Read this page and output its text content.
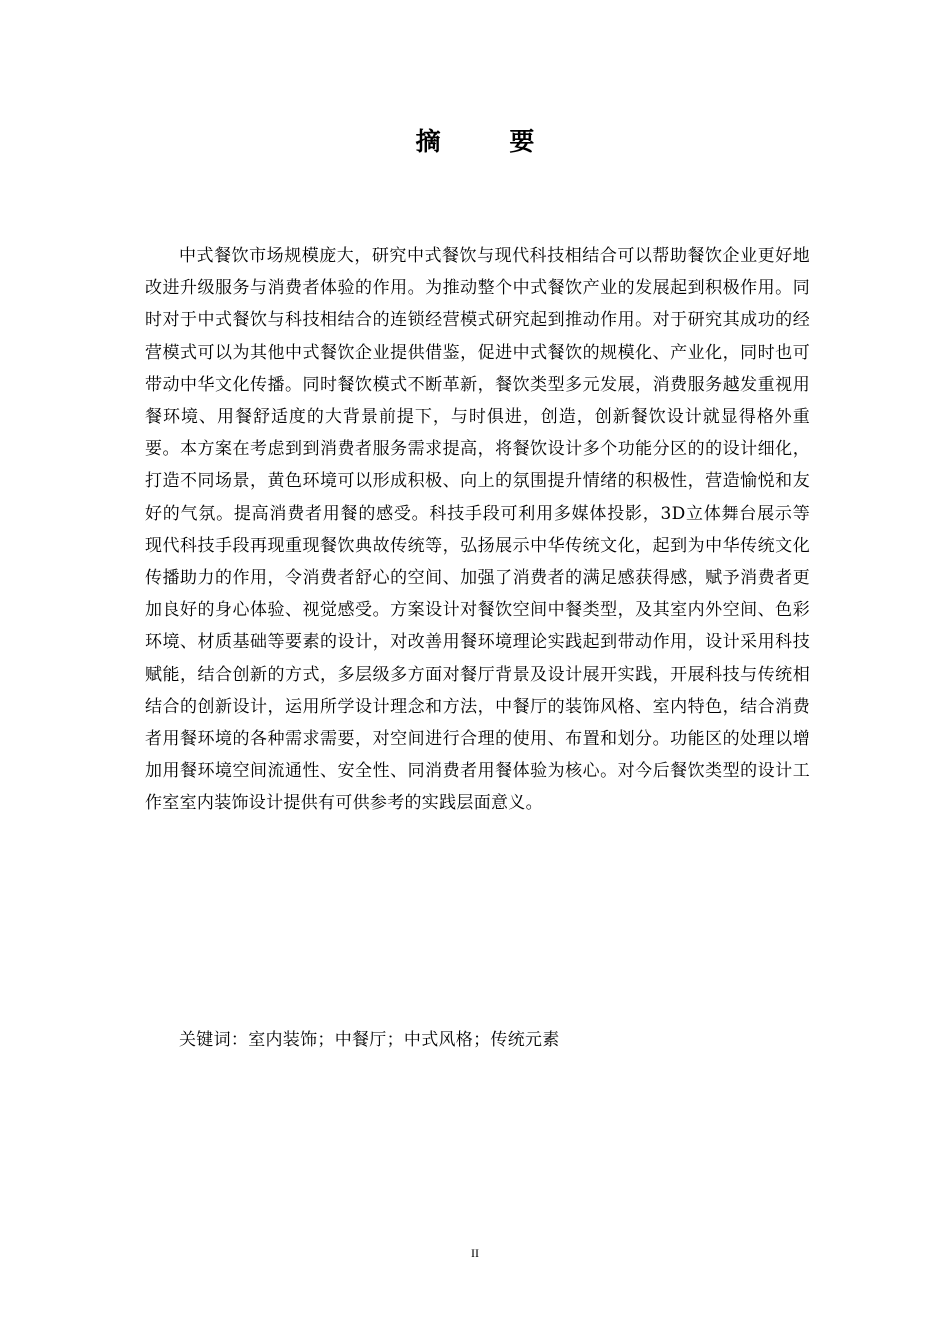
摘 要

中式餐饮市场规模庞大，研究中式餐饮与现代科技相结合可以帮助餐饮企业更好地改进升级服务与消费者体验的作用。为推动整个中式餐饮产业的发展起到积极作用。同时对于中式餐饮与科技相结合的连锁经营模式研究起到推动作用。对于研究其成功的经营模式可以为其他中式餐饮企业提供借鉴，促进中式餐饮的规模化、产业化，同时也可带动中华文化传播。同时餐饮模式不断革新，餐饮类型多元发展，消费服务越发重视用餐环境、用餐舒适度的大背景前提下，与时俱进，创造，创新餐饮设计就显得格外重要。本方案在考虑到到消费者服务需求提高，将餐饮设计多个功能分区的的设计细化，打造不同场景，黄色环境可以形成积极、向上的氛围提升情绪的积极性，营造愉悦和友好的气氛。提高消费者用餐的感受。科技手段可利用多媒体投影，3D立体舞台展示等现代科技手段再现重现餐饮典故传统等，弘扬展示中华传统文化，起到为中华传统文化传播助力的作用，令消费者舒心的空间、加强了消费者的满足感获得感，赋予消费者更加良好的身心体验、视觉感受。方案设计对餐饮空间中餐类型，及其室内外空间、色彩环境、材质基础等要素的设计，对改善用餐环境理论实践起到带动作用，设计采用科技赋能，结合创新的方式，多层级多方面对餐厅背景及设计展开实践，开展科技与传统相结合的创新设计，运用所学设计理念和方法，中餐厅的装饰风格、室内特色，结合消费者用餐环境的各种需求需要，对空间进行合理的使用、布置和划分。功能区的处理以增加用餐环境空间流通性、安全性、同消费者用餐体验为核心。对今后餐饮类型的设计工作室室内装饰设计提供有可供参考的实践层面意义。

关键词：室内装饰；中餐厅；中式风格；传统元素

II
